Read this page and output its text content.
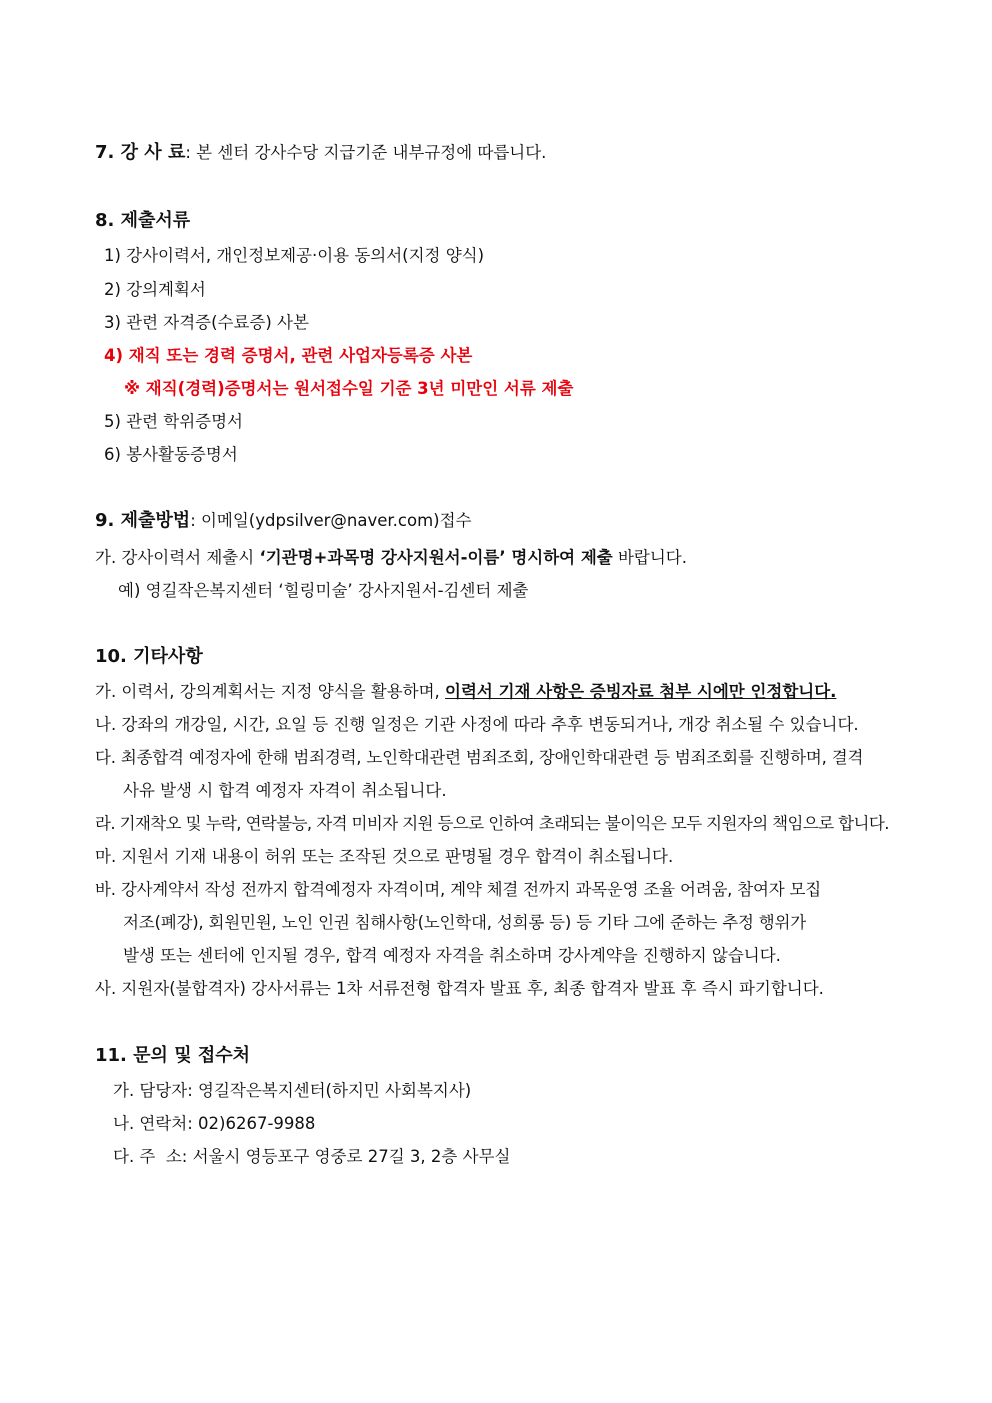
7. 강 사 료: 본 센터 강사수당 지급기준 내부규정에 따릅니다.
8. 제출서류
1) 강사이력서, 개인정보제공‧이용 동의서(지정 양식)
2) 강의계획서
3) 관련 자격증(수료증) 사본
4) 재직 또는 경력 증명서, 관련 사업자등록증 사본
※ 재직(경력)증명서는 원서접수일 기준 3년 미만인 서류 제출
5) 관련 학위증명서
6) 봉사활동증명서
9. 제출방법: 이메일(ydpsilver@naver.com)접수
가. 강사이력서 제출시 ‘기관명+과목명 강사지원서-이름’ 명시하여 제출 바랍니다.
예) 영길작은복지센터 ‘힐링미술’ 강사지원서-김센터 제출
10. 기타사항
가. 이력서, 강의계획서는 지정 양식을 활용하며, 이력서 기재 사항은 증빙자료 첨부 시에만 인정합니다.
나. 강좌의 개강일, 시간, 요일 등 진행 일정은 기관 사정에 따라 추후 변동되거나, 개강 취소될 수 있습니다.
다. 최종합격 예정자에 한해 범죄경력, 노인학대관련 범죄조회, 장애인학대관련 등 범죄조회를 진행하며, 결격
사유 발생 시 합격 예정자 자격이 취소됩니다.
라. 기재착오 및 누락, 연락불능, 자격 미비자 지원 등으로 인하여 초래되는 불이익은 모두 지원자의 책임으로 합니다.
마. 지원서 기재 내용이 허위 또는 조작된 것으로 판명될 경우 합격이 취소됩니다.
바. 강사계약서 작성 전까지 합격예정자 자격이며, 계약 체결 전까지 과목운영 조율 어려움, 참여자 모집
저조(폐강), 회원민원, 노인 인권 침해사항(노인학대, 성희롱 등) 등 기타 그에 준하는 추정 행위가
발생 또는 센터에 인지될 경우, 합격 예정자 자격을 취소하며 강사계약을 진행하지 않습니다.
사. 지원자(불합격자) 강사서류는 1차 서류전형 합격자 발표 후, 최종 합격자 발표 후 즉시 파기합니다.
11. 문의 및 접수처
가. 담당자: 영길작은복지센터(하지민 사회복지사)
나. 연락처: 02)6267-9988
다. 주  소: 서울시 영등포구 영중로 27길 3, 2층 사무실
